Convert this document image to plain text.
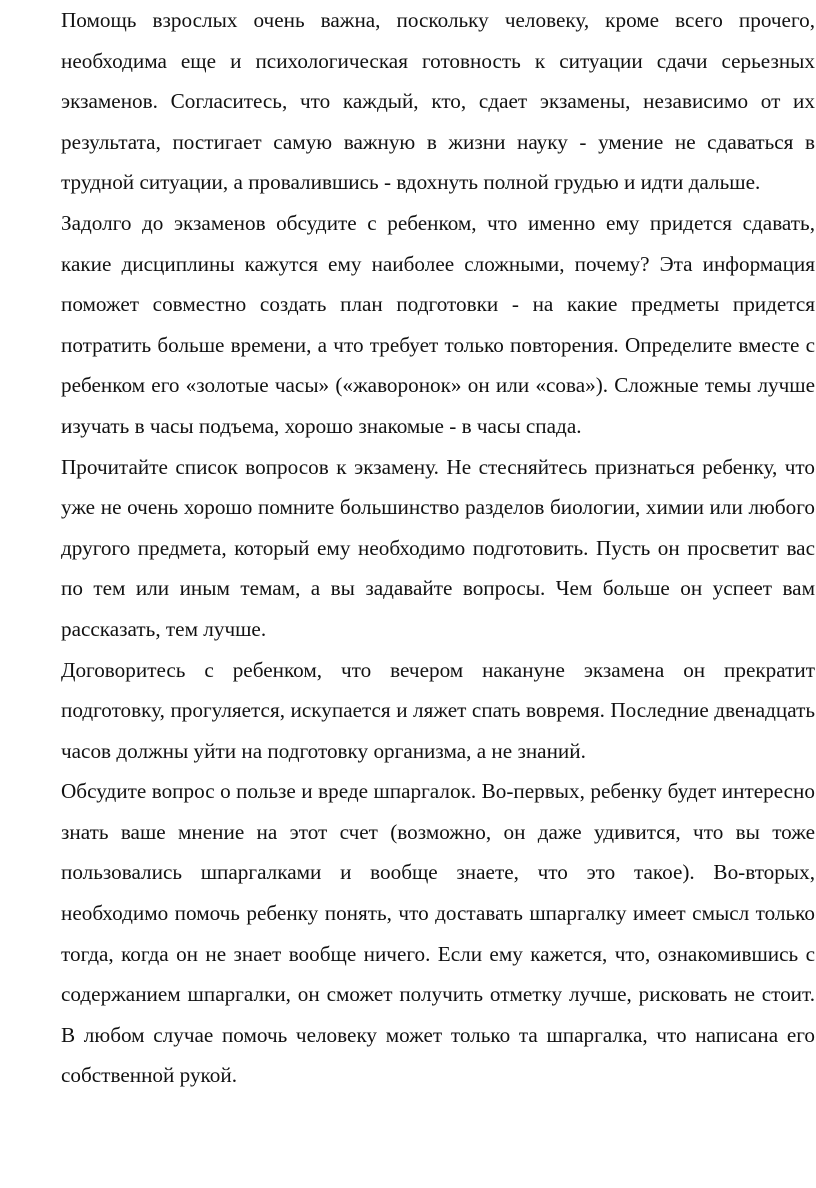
Помощь взрослых очень важна, поскольку человеку, кроме всего прочего, необходима еще и психологическая готовность к ситуации сдачи серьезных экзаменов. Согласитесь, что каждый, кто, сдает экзамены, независимо от их результата, постигает самую важную в жизни науку - умение не сдаваться в трудной ситуации, а провалившись - вдохнуть полной грудью и идти дальше.

Задолго до экзаменов обсудите с ребенком, что именно ему придется сдавать, какие дисциплины кажутся ему наиболее сложными, почему? Эта информация поможет совместно создать план подготовки - на какие предметы придется потратить больше времени, а что требует только повторения. Определите вместе с ребенком его «золотые часы» («жаворонок» он или «сова»). Сложные темы лучше изучать в часы подъема, хорошо знакомые - в часы спада.

Прочитайте список вопросов к экзамену. Не стесняйтесь признаться ребенку, что уже не очень хорошо помните большинство разделов биологии, химии или любого другого предмета, который ему необходимо подготовить. Пусть он просветит вас по тем или иным темам, а вы задавайте вопросы. Чем больше он успеет вам рассказать, тем лучше.

Договоритесь с ребенком, что вечером накануне экзамена он прекратит подготовку, прогуляется, искупается и ляжет спать вовремя. Последние двенадцать часов должны уйти на подготовку организма, а не знаний.

Обсудите вопрос о пользе и вреде шпаргалок. Во-первых, ребенку будет интересно знать ваше мнение на этот счет (возможно, он даже удивится, что вы тоже пользовались шпаргалками и вообще знаете, что это такое). Во-вторых, необходимо помочь ребенку понять, что доставать шпаргалку имеет смысл только тогда, когда он не знает вообще ничего. Если ему кажется, что, ознакомившись с содержанием шпаргалки, он сможет получить отметку лучше, рисковать не стоит. В любом случае помочь человеку может только та шпаргалка, что написана его собственной рукой.
